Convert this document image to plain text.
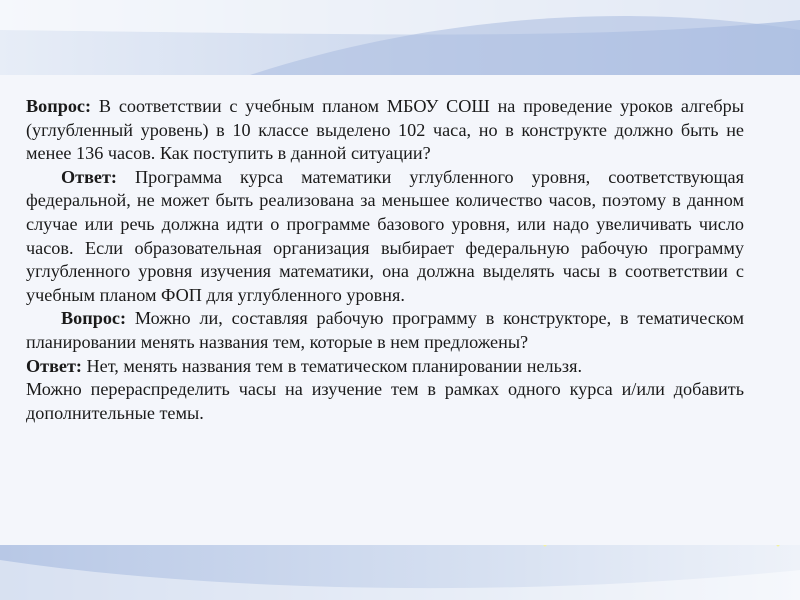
Вопрос: В соответствии с учебным планом МБОУ СОШ на проведение уроков алгебры (углубленный уровень) в 10 классе выделено 102 часа, но в конструкте должно быть не менее 136 часов. Как поступить в данной ситуации?

Ответ: Программа курса математики углубленного уровня, соответствующая федеральной, не может быть реализована за меньшее количество часов, поэтому в данном случае или речь должна идти о программе базового уровня, или надо увеличивать число часов. Если образовательная организация выбирает федеральную рабочую программу углубленного уровня изучения математики, она должна выделять часы в соответствии с учебным планом ФОП для углубленного уровня.

Вопрос: Можно ли, составляя рабочую программу в конструкторе, в тематическом планировании менять названия тем, которые в нем предложены?

Ответ: Нет, менять названия тем в тематическом планировании нельзя.

Можно перераспределить часы на изучение тем в рамках одного курса и/или добавить дополнительные темы.
